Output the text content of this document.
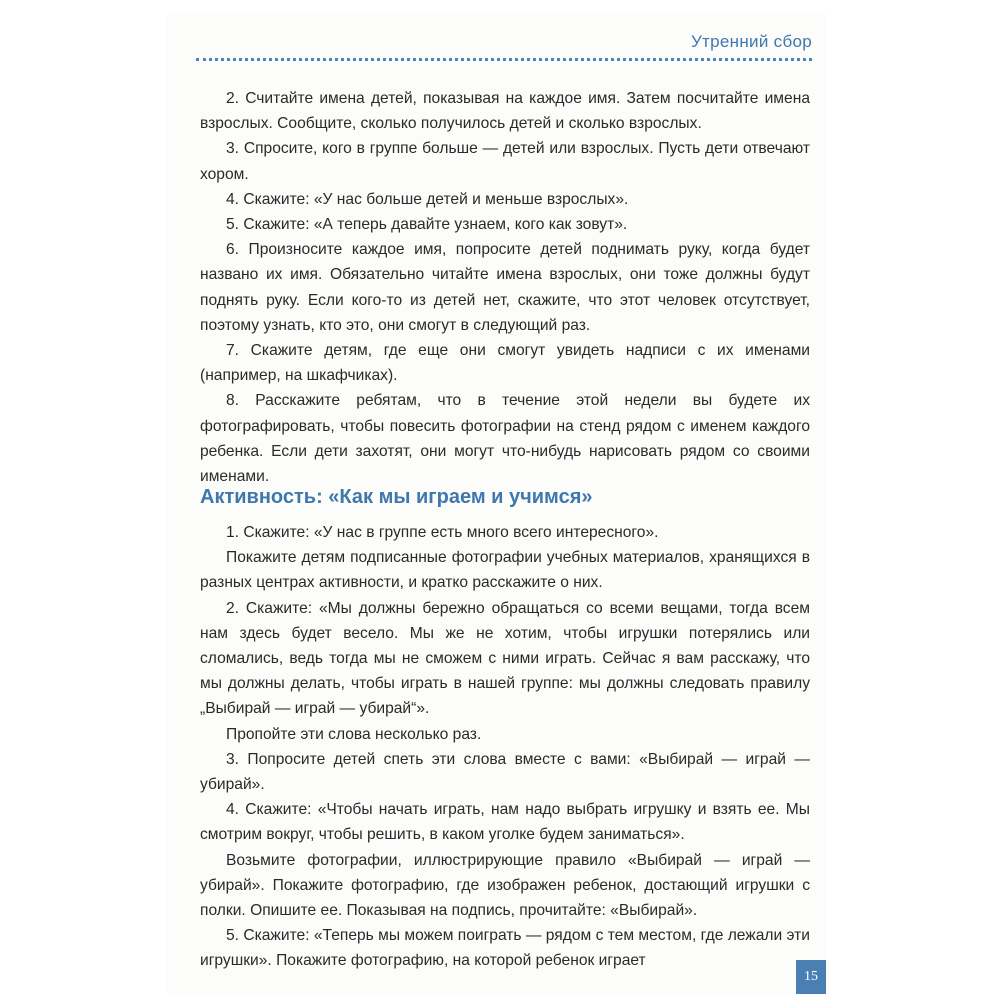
Утренний сбор

2. Считайте имена детей, показывая на каждое имя. Затем посчитайте имена взрослых. Сообщите, сколько получилось детей и сколько взрослых.

3. Спросите, кого в группе больше — детей или взрослых. Пусть дети отвечают хором.

4. Скажите: «У нас больше детей и меньше взрослых».

5. Скажите: «А теперь давайте узнаем, кого как зовут».

6. Произносите каждое имя, попросите детей поднимать руку, когда будет названо их имя. Обязательно читайте имена взрослых, они тоже должны будут поднять руку. Если кого-то из детей нет, скажите, что этот человек отсутствует, поэтому узнать, кто это, они смогут в следующий раз.

7. Скажите детям, где еще они смогут увидеть надписи с их именами (например, на шкафчиках).

8. Расскажите ребятам, что в течение этой недели вы будете их фотографировать, чтобы повесить фотографии на стенд рядом с именем каждого ребенка. Если дети захотят, они могут что-нибудь нарисовать рядом со своими именами.

Активность: «Как мы играем и учимся»

1. Скажите: «У нас в группе есть много всего интересного».

Покажите детям подписанные фотографии учебных материалов, хранящихся в разных центрах активности, и кратко расскажите о них.

2. Скажите: «Мы должны бережно обращаться со всеми вещами, тогда всем нам здесь будет весело. Мы же не хотим, чтобы игрушки потерялись или сломались, ведь тогда мы не сможем с ними играть. Сейчас я вам расскажу, что мы должны делать, чтобы играть в нашей группе: мы должны следовать правилу „Выбирай — играй — убирай“».

Пропойте эти слова несколько раз.

3. Попросите детей спеть эти слова вместе с вами: «Выбирай — играй — убирай».

4. Скажите: «Чтобы начать играть, нам надо выбрать игрушку и взять ее. Мы смотрим вокруг, чтобы решить, в каком уголке будем заниматься».

Возьмите фотографии, иллюстрирующие правило «Выбирай — играй — убирай». Покажите фотографию, где изображен ребенок, достающий игрушки с полки. Опишите ее. Показывая на подпись, прочитайте: «Выбирай».

5. Скажите: «Теперь мы можем поиграть — рядом с тем местом, где лежали эти игрушки». Покажите фотографию, на которой ребенок играет

15
